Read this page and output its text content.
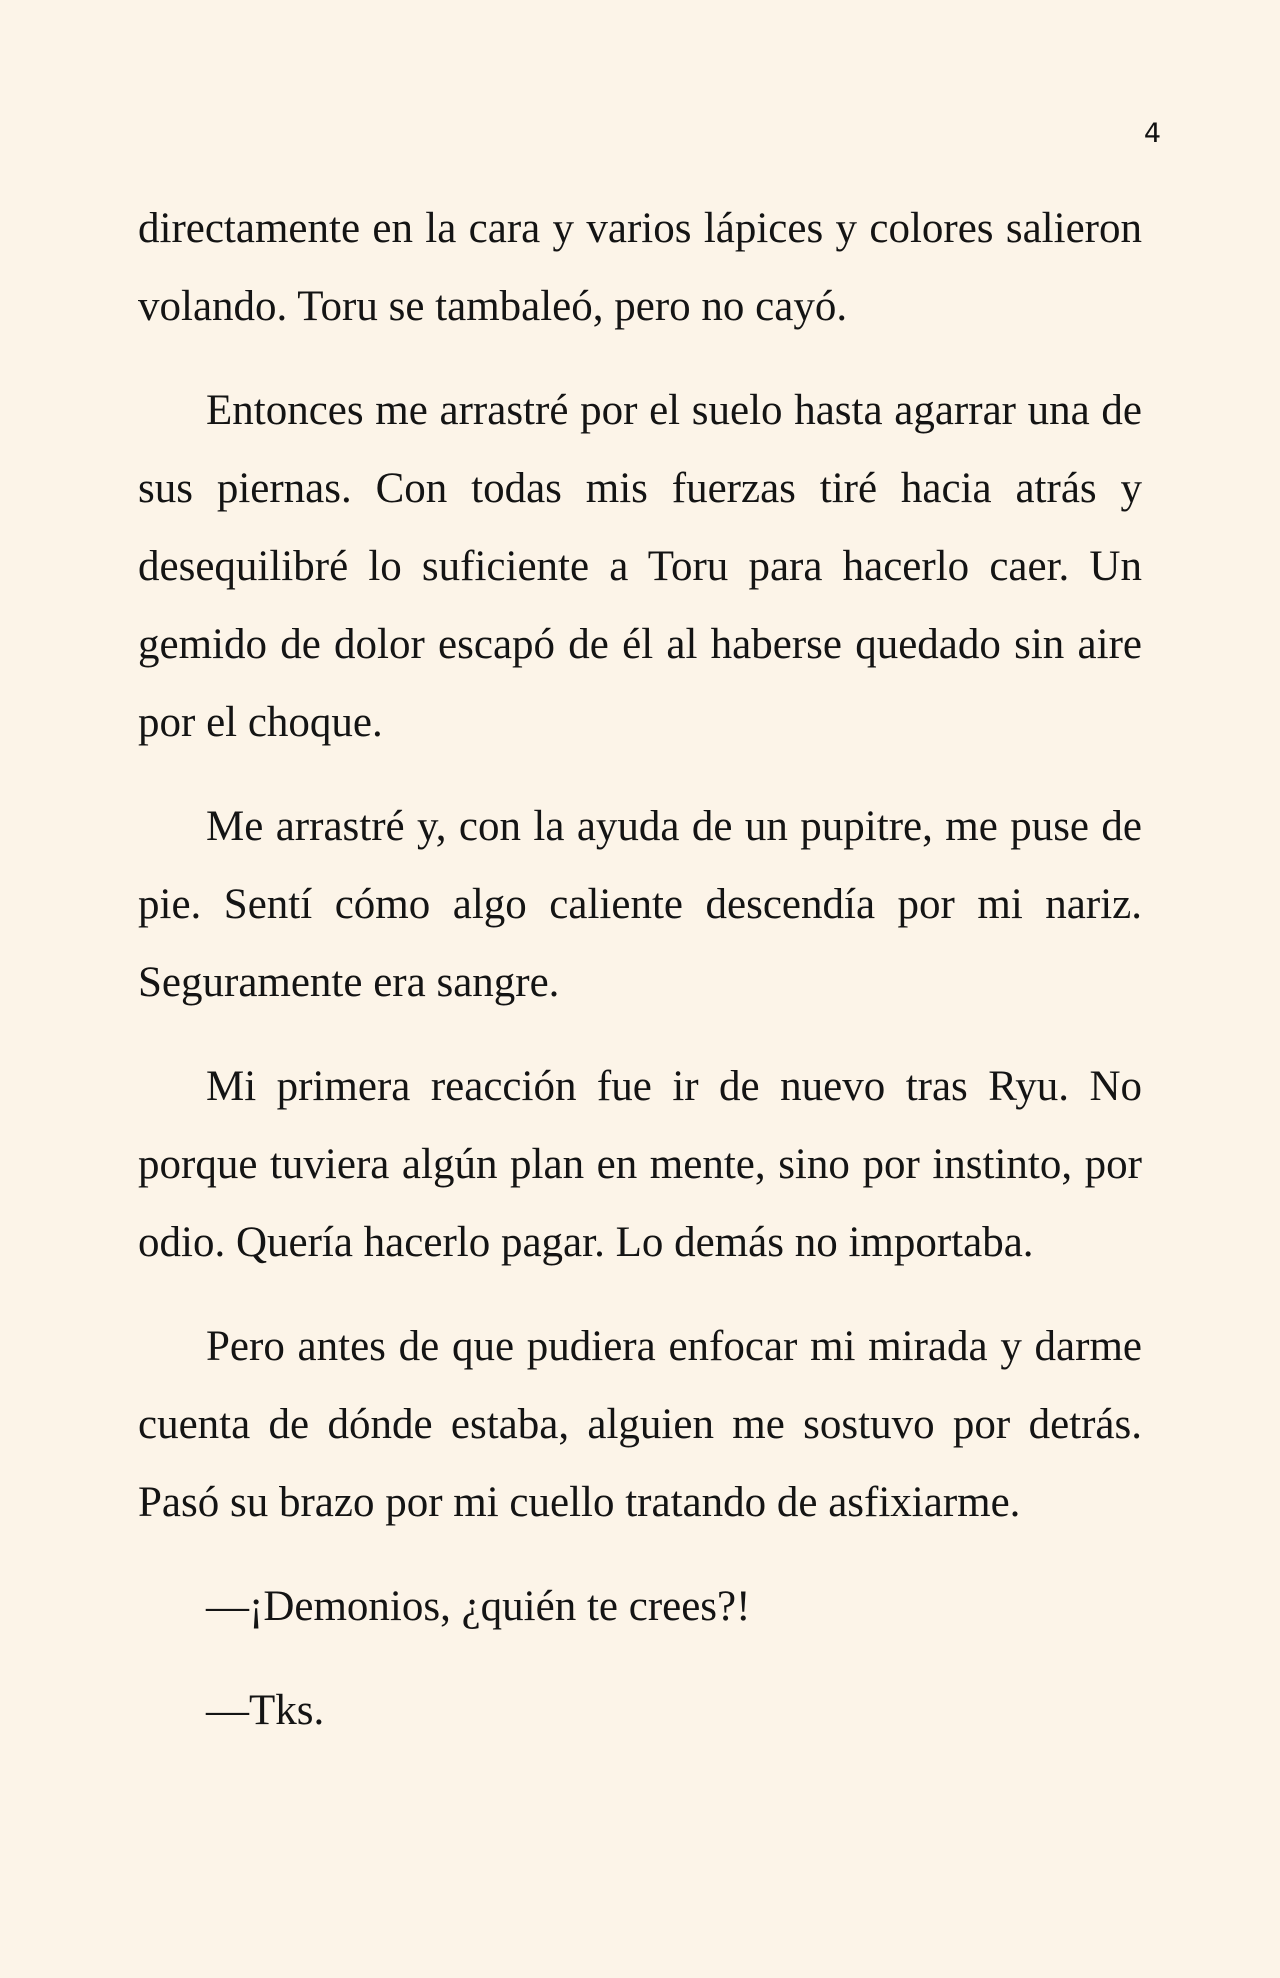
4

directamente en la cara y varios lápices y colores salieron volando. Toru se tambaleó, pero no cayó.

Entonces me arrastré por el suelo hasta agarrar una de sus piernas. Con todas mis fuerzas tiré hacia atrás y desequilibré lo suficiente a Toru para hacerlo caer. Un gemido de dolor escapó de él al haberse quedado sin aire por el choque.

Me arrastré y, con la ayuda de un pupitre, me puse de pie. Sentí cómo algo caliente descendía por mi nariz. Seguramente era sangre.

Mi primera reacción fue ir de nuevo tras Ryu. No porque tuviera algún plan en mente, sino por instinto, por odio. Quería hacerlo pagar. Lo demás no importaba.

Pero antes de que pudiera enfocar mi mirada y darme cuenta de dónde estaba, alguien me sostuvo por detrás. Pasó su brazo por mi cuello tratando de asfixiarme.

—¡Demonios, ¿quién te crees?!

—Tks.
